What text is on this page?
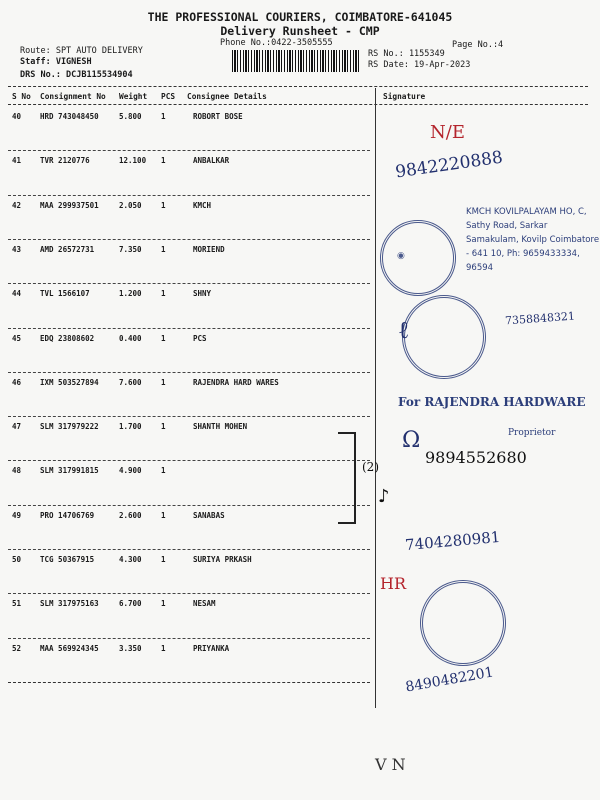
THE PROFESSIONAL COURIERS, COIMBATORE-641045
Delivery Runsheet - CMP
Phone No.:0422-3505555	Page No.:4
Route: SPT AUTO DELIVERY
Staff: VIGNESH
DRS No.: DCJB115534904
RS No.: 1155349
RS Date: 19-Apr-2023
S No Consignment No Weight PCS Consignee Details	Signature
40	HRD 743048450	5.800	1	ROBORT BOSE
41	TVR 2120776	12.100 1	ANBALKAR
42	MAA 299937501	2.050	1	KMCH
43	AMD 26572731	7.350	1	MORIEND
44	TVL 1566107	1.200	1	SHNY
45	EDQ 23808602	0.400	1	PCS
46	IXM 503527894	7.600	1	RAJENDRA HARD WARES
47	SLM 317979222	1.700	1	SHANTH MOHEN
48	SLM 317991815	4.900	1
49	PRO 14706769	2.600	1	SANABAS
50	TCG 50367915	4.300	1	SURIYA PRKASH
51	SLM 317975163	6.700	1	NESAM
52	MAA 569924345	3.350	1	PRIYANKA
N/E
9842220888
◉
KMCH KOVILPALAYAM HO, C, Sathy Road, Sarkar Samakulam, Kovilp Coimbatore - 641 10, Ph: 9659433334, 96594
7358848321
ℓ
For RAJENDRA HARDWARE
Proprietor
Ω
9894552680
(2)
♪
7404280981
HR
8490482201
V N
